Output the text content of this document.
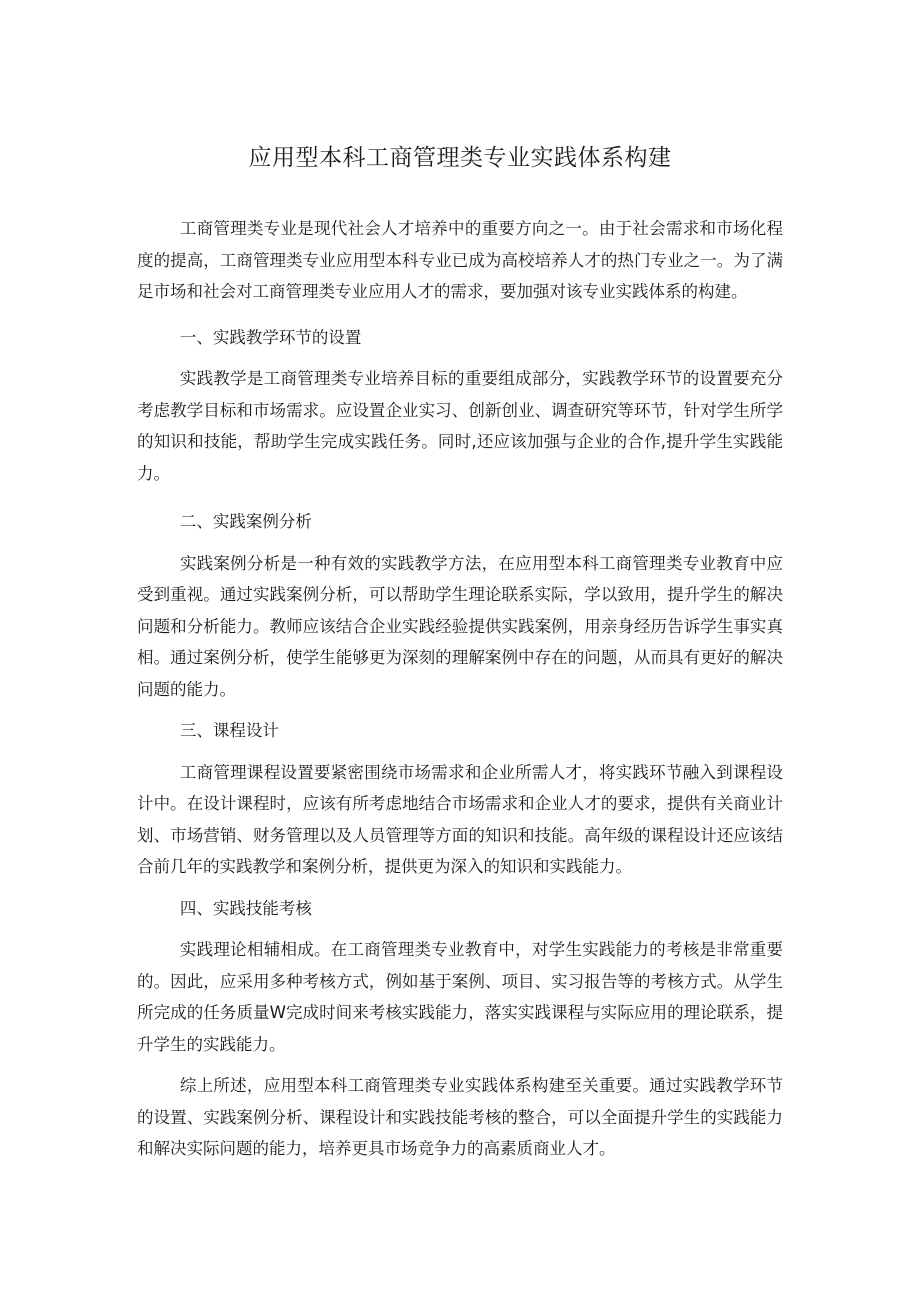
应用型本科工商管理类专业实践体系构建

工商管理类专业是现代社会人才培养中的重要方向之一。由于社会需求和市场化程度的提高，工商管理类专业应用型本科专业已成为高校培养人才的热门专业之一。为了满足市场和社会对工商管理类专业应用人才的需求，要加强对该专业实践体系的构建。

一、实践教学环节的设置

实践教学是工商管理类专业培养目标的重要组成部分，实践教学环节的设置要充分考虑教学目标和市场需求。应设置企业实习、创新创业、调查研究等环节，针对学生所学的知识和技能，帮助学生完成实践任务。同时,还应该加强与企业的合作,提升学生实践能力。

二、实践案例分析

实践案例分析是一种有效的实践教学方法，在应用型本科工商管理类专业教育中应受到重视。通过实践案例分析，可以帮助学生理论联系实际，学以致用，提升学生的解决问题和分析能力。教师应该结合企业实践经验提供实践案例，用亲身经历告诉学生事实真相。通过案例分析，使学生能够更为深刻的理解案例中存在的问题，从而具有更好的解决问题的能力。

三、课程设计

工商管理课程设置要紧密围绕市场需求和企业所需人才，将实践环节融入到课程设计中。在设计课程时，应该有所考虑地结合市场需求和企业人才的要求，提供有关商业计划、市场营销、财务管理以及人员管理等方面的知识和技能。高年级的课程设计还应该结合前几年的实践教学和案例分析，提供更为深入的知识和实践能力。

四、实践技能考核

实践理论相辅相成。在工商管理类专业教育中，对学生实践能力的考核是非常重要的。因此，应采用多种考核方式，例如基于案例、项目、实习报告等的考核方式。从学生所完成的任务质量W完成时间来考核实践能力，落实实践课程与实际应用的理论联系，提升学生的实践能力。

综上所述，应用型本科工商管理类专业实践体系构建至关重要。通过实践教学环节的设置、实践案例分析、课程设计和实践技能考核的整合，可以全面提升学生的实践能力和解决实际问题的能力，培养更具市场竞争力的高素质商业人才。
